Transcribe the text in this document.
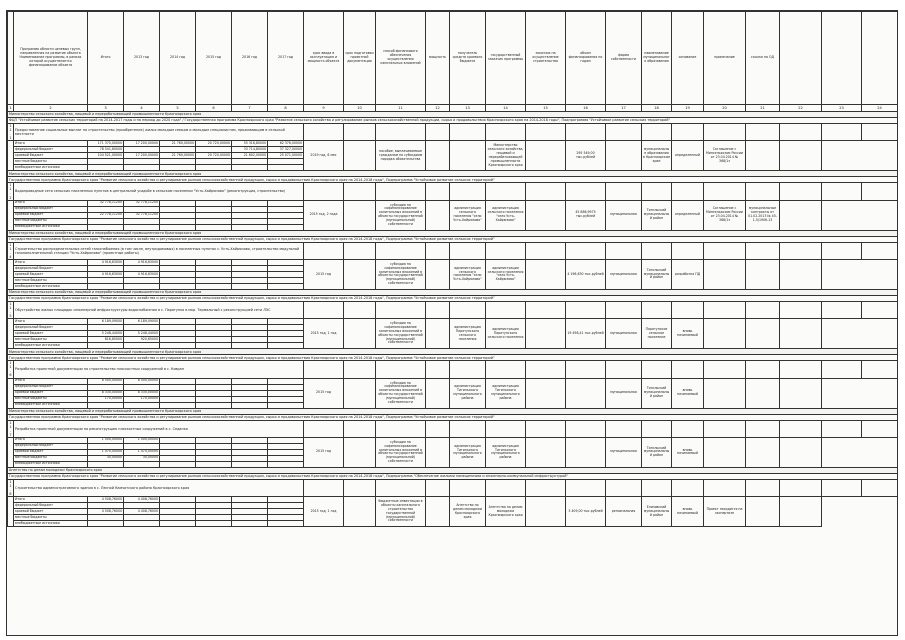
	Программа области целевых групп, направленная на развитие объекта Наименование программы, в рамках которой осуществляется финансирование объекта	Итого	2013 год	2014 год	2015 год	2016 год	2017 год	срок ввода в эксплуатацию и мощность объекта	срок подготовки проектной документации	способ финансового обеспечения осуществления капитальных вложений	мощность	получатель средств краевого бюджета	государственный заказчик программы	заказчик на осуществление строительства	объем финансирования по годам	форма собственности	наименование муниципального образования	основание	примечание	ссылка на ОД			
1	2	3	4	5	6	7	8	9	10	11	12	13	14	15	16	17	18	19	20	21	22	23	24
Министерство сельского хозяйства, пищевой и перерабатывающей промышленности Красноярского края																							
ФЦП "Устойчивое развитие сельских территорий на 2014-2017 годы и на период до 2020 года" / Государственная программа Красноярского края "Развитие сельского хозяйства и регулирование рынков сельскохозяйственной продукции, сырья и продовольствия Красноярского края на 2014-2018 годы", Подпрограмма "Устойчивое развитие сельских территорий"																							
11.1	Предоставление социальных выплат на строительство (приобретение) жилья молодым семьям и молодым специалистам, проживающим в сельской местности																						
	Итого	171 370,00000	17 200,00000	21 760,00000	20 720,00000	55 316,80000	62 376,00000	2019 год, 6 мес		пособие, выплачиваемые гражданам по субсидиям порядка обязательства			Министерство сельского хозяйства, пищевой и перерабатывающей промышленности Красноярского края		295 549,00 тыс.рублей		муниципальные образования в Красноярском крае	определенный	Соглашение с Минсельхозом России от 23.04.2014 № 368/1з				
	федеральный бюджет	78 541,60000				33 714,80000	37 327,00000																
	краевой бюджет	104 521,00000	17 200,00000	21 760,00000	20 720,00000	21 602,00000	25 071,00000																
	местные бюджеты																						
	внебюджетные источники																						
Министерство сельского хозяйства, пищевой и перерабатывающей промышленности Красноярского края																							
Государственная программа Красноярского края "Развитие сельского хозяйства и регулирование рынков сельскохозяйственной продукции, сырья и продовольствия Красноярского края на 2014-2018 годы", Подпрограмма "Устойчивое развитие сельских территорий"																							
11.2	Водопроводные сети сельских населенных пунктов в центральной усадьбе в сельском поселении "Усть-Хайрюзово" (реконструкция, строительство)																						
	Итого	32 778,11200	32 778,11200					2015 год, 2 года		субсидия на софинансирование капитальных вложений в объекты государственной (муниципальной) собственности		администрация сельского поселения "село Усть-Хайрюзово"	администрация сельского поселения "село Усть-Хайрюзово"		45 886,9975 тыс.рублей	муниципальная	Тигильский муниципальный район	определенный	Соглашение с Минсельхозом России от 23.04.2014 № 368/1з	муниципальные контракты от 01.02.2013 № 45-1-5/1906-13			
	федеральный бюджет																						
	краевой бюджет	22 778,11200	32 778,11200																				
	местные бюджеты																						
	внебюджетные источники																						
Министерство сельского хозяйства, пищевой и перерабатывающей промышленности Красноярского края																							
Государственная программа Красноярского края "Развитие сельского хозяйства и регулирование рынков сельскохозяйственной продукции, сырья и продовольствия Красноярского края на 2014-2018 годы", Подпрограмма "Устойчивое развитие сельских территорий"																							
11.4	Строительство распределительных сетей газоснабжения (в том числе, внутридомовых) в населенных пунктах с. Усть-Хайрюзово, строительство модульной газонаполнительной станции "Усть-Хайрюзово" (проектные работы)																						
	Итого	4 916,63000	4 916,63000					2015 год		субсидия на софинансирование капитальных вложений в объекты государственной (муниципальной) собственности		администрация сельского поселения "село Усть-Хайрюзово"	администрация сельского поселения "село Усть-Хайрюзово"		4 196,630 тыс.рублей	муниципальная	Тигильский муниципальный район	разработка ПД					
	федеральный бюджет																						
	краевой бюджет	4 916,63000	4 916,63000																				
	местные бюджеты																						
	внебюджетные источники																						
Министерство сельского хозяйства, пищевой и перерабатывающей промышленности Красноярского края																							
Государственная программа Красноярского края "Развитие сельского хозяйства и регулирование рынков сельскохозяйственной продукции, сырья и продовольствия Красноярского края на 2014-2018 годы", Подпрограмма "Устойчивое развитие сельских территорий"																							
11.5	Обустройство жилых площадок инженерной инфраструктуры водоснабжения в с. Паратунка в мкр. Термальный с реконструкцией сети ЛЭС																						
	Итого	6 189,09000	6 189,09000					2015 год, 1 год		субсидия на софинансирование капитальных вложений в объекты государственной (муниципальной) собственности		администрация Паратунского сельского поселения	администрация Паратунского сельского поселения		19 498,41 тыс.рублей	муниципальная	Паратунское сельское поселение	вновь начинаемый					
	федеральный бюджет																						
	краевой бюджет	5 248,44000	5 248,44000																				
	местные бюджеты	816,65000	920,65000																				
	внебюджетные источники																						
Министерство сельского хозяйства, пищевой и перерабатывающей промышленности Красноярского края																							
Государственная программа Красноярского края "Развитие сельского хозяйства и регулирование рынков сельскохозяйственной продукции, сырья и продовольствия Красноярского края на 2014-2018 годы", Подпрограмма "Устойчивое развитие сельских территорий"																							
11.6	Разработка проектной документации на строительство плоскостных сооружений в с. Ковран																						
	Итого	8 500,00000	8 500,00000					2015 год		субсидия на софинансирование капитальных вложений в объекты государственной (муниципальной) собственности		администрация Тигильского муниципального района	администрация Тигильского муниципального района			муниципальная	Тигильский муниципальный район	вновь начинаемый					
	федеральный бюджет																						
	краевой бюджет	8 330,00000	8 330,00000																				
	местные бюджеты	170,00000	170,00000																				
	внебюджетные источники																						
Министерство сельского хозяйства, пищевой и перерабатывающей промышленности Красноярского края																							
Государственная программа Красноярского края "Развитие сельского хозяйства и регулирование рынков сельскохозяйственной продукции, сырья и продовольствия Красноярского края на 2014-2018 годы", Подпрограмма "Устойчивое развитие сельских территорий"																							
11.7	Разработка проектной документации на реконструкцию плоскостных сооружений в с. Седанка																						
	Итого	1 500,00000	1 500,00000					2015 год		субсидия на софинансирование капитальных вложений в объекты государственной (муниципальной) собственности		администрация Тигильского муниципального района	администрация Тигильского муниципального района			муниципальная	Тигильский муниципальный район	вновь начинаемый					
	федеральный бюджет																						
	краевой бюджет	1 470,00000	1 470,00000																				
	местные бюджеты	30,00000	30,00000																				
	внебюджетные источники																						
Агентство по делам молодежи Красноярского края																							
Государственная программа Красноярского края "Развитие сельского хозяйства и регулирование рынков сельскохозяйственной продукции, сырья и продовольствия Красноярского края на 2014-2018 годы", Подпрограмма "Обеспечение жилыми помещениями и инженерно-коммунальной инфраструктурой"																							
11.8	Строительство административного здания в с. Лесной Камчатского района Красноярского края																						
	Итого	4 508,76000	4 408,76000					2015 год, 1 год		бюджетные инвестиции в объекты капитального строительства государственной (муниципальной) собственности		Агентство по делам молодежи Красноярского края	Агентство по делам молодежи Красноярского края		3 409,00 тыс.рублей	региональная	Елизовский муниципальный район	вновь начинаемый	Проект находится на экспертизе				
	федеральный бюджет																						
	краевой бюджет	4 508,76000	4 408,76000																				
	местные бюджеты																						
	внебюджетные источники																						
